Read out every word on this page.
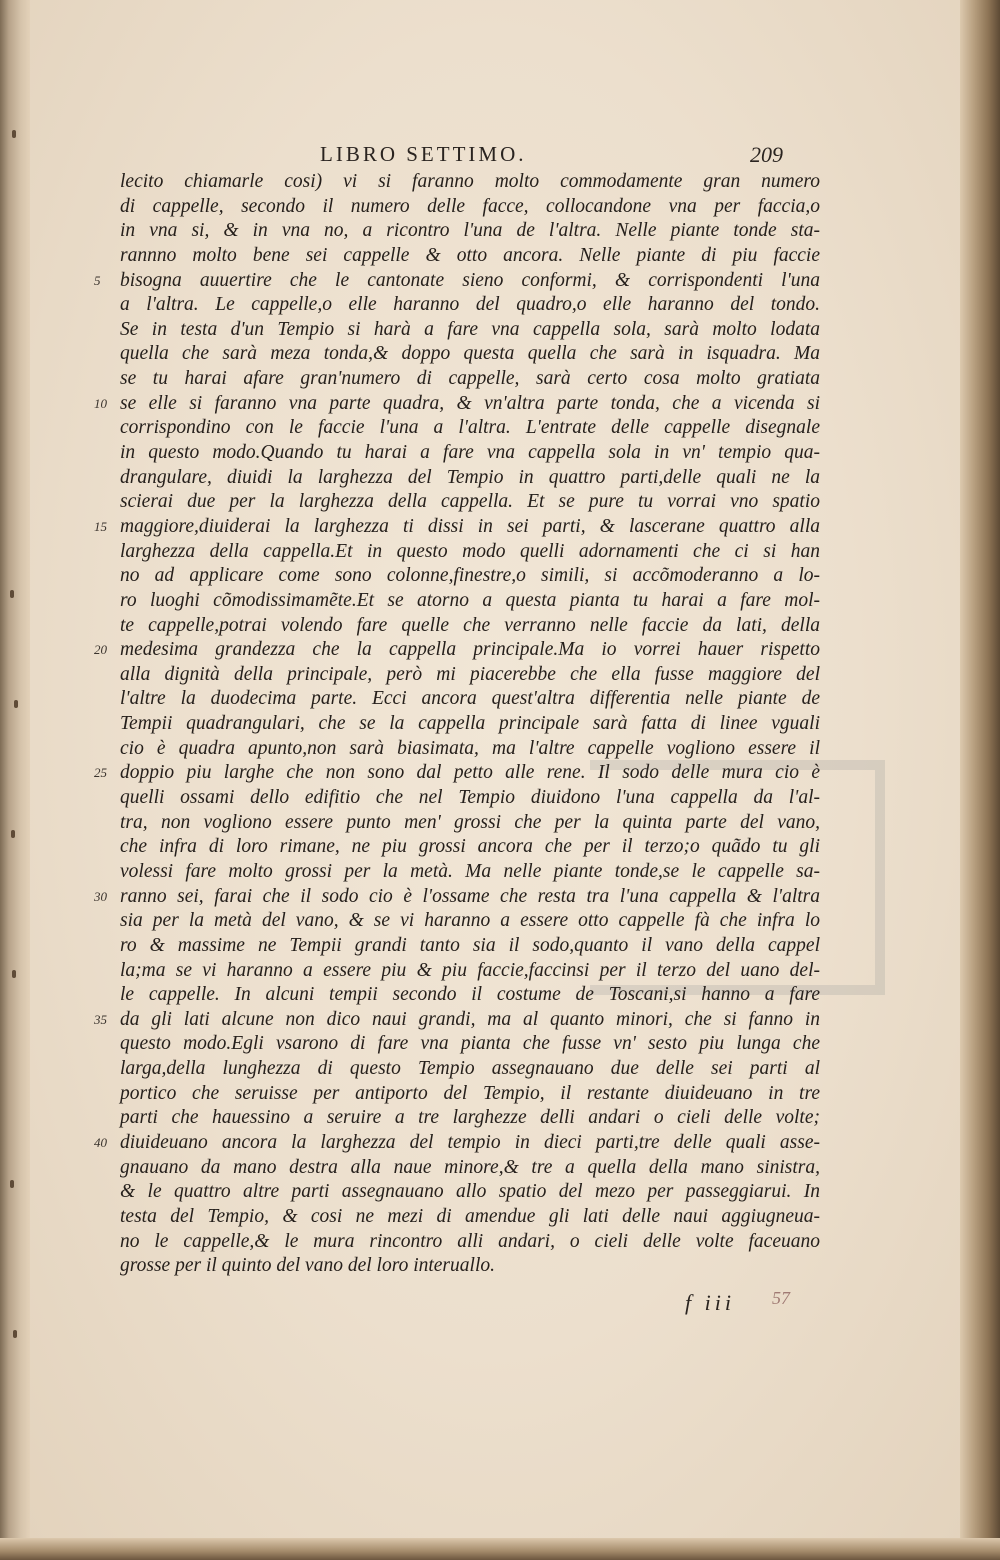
LIBRO SETTIMO.	209
lecito chiamarle cosi) vi si faranno molto commodamente gran numero
di cappelle, secondo il numero delle facce, collocandone vna per faccia,o
in vna si, & in vna no, a ricontro l'una de l'altra. Nelle piante tonde sta-
rannno molto bene sei cappelle & otto ancora. Nelle piante di piu faccie
5	bisogna auuertire che le cantonate sieno conformi, & corrispondenti l'una
a l'altra. Le cappelle,o elle haranno del quadro,o elle haranno del tondo.
Se in testa d'un Tempio si harà a fare vna cappella sola, sarà molto lodata
quella che sarà meza tonda,& doppo questa quella che sarà in isquadra. Ma
se tu harai afare gran'numero di cappelle, sarà certo cosa molto gratiata
10 se elle si faranno vna parte quadra, & vn'altra parte tonda, che a vicenda si
corrispondino con le faccie l'una a l'altra. L'entrate delle cappelle disegnale
in questo modo.Quando tu harai a fare vna cappella sola in vn' tempio qua-
drangulare, diuidi la larghezza del Tempio in quattro parti,delle quali ne la
scierai due per la larghezza della cappella. Et se pure tu vorrai vno spatio
15 maggiore,diuiderai la larghezza ti dissi in sei parti, & lascerane quattro alla
larghezza della cappella.Et in questo modo quelli adornamenti che ci si han
no ad applicare come sono colonne,finestre,o simili, si accõmoderanno a lo-
ro luoghi cõmodissimamẽte.Et se atorno a questa pianta tu harai a fare mol-
te cappelle,potrai volendo fare quelle che verranno nelle faccie da lati, della
20 medesima grandezza che la cappella principale.Ma io vorrei hauer rispetto
alla dignità della principale, però mi piacerebbe che ella fusse maggiore del
l'altre la duodecima parte. Ecci ancora quest'altra differentia nelle piante de
Tempii quadrangulari, che se la cappella principale sarà fatta di linee vguali
cio è quadra apunto,non sarà biasimata, ma l'altre cappelle vogliono essere il
25 doppio piu larghe che non sono dal petto alle rene. Il sodo delle mura cio è
quelli ossami dello edifitio che nel Tempio diuidono l'una cappella da l'al-
tra, non vogliono essere punto men' grossi che per la quinta parte del vano,
che infra di loro rimane, ne piu grossi ancora che per il terzo;o quãdo tu gli
volessi fare molto grossi per la metà. Ma nelle piante tonde,se le cappelle sa-
30 ranno sei, farai che il sodo cio è l'ossame che resta tra l'una cappella & l'altra
sia per la metà del vano, & se vi haranno a essere otto cappelle fà che infra lo
ro & massime ne Tempii grandi tanto sia il sodo,quanto il vano della cappel
la;ma se vi haranno a essere piu & piu faccie,faccinsi per il terzo del uano del-
le cappelle. In alcuni tempii secondo il costume de Toscani,si hanno a fare
35 da gli lati alcune non dico naui grandi, ma al quanto minori, che si fanno in
questo modo.Egli vsarono di fare vna pianta che fusse vn' sesto piu lunga che
larga,della lunghezza di questo Tempio assegnauano due delle sei parti al
portico che seruisse per antiporto del Tempio, il restante diuideuano in tre
parti che hauessino a seruire a tre larghezze delli andari o cieli delle volte;
40 diuideuano ancora la larghezza del tempio in dieci parti,tre delle quali asse-
gnauano da mano destra alla naue minore,& tre a quella della mano sinistra,
& le quattro altre parti assegnauano allo spatio del mezo per passeggiarui. In
testa del Tempio, & cosi ne mezi di amendue gli lati delle naui aggiugneua-
no le cappelle,& le mura rincontro alli andari, o cieli delle volte faceuano
grosse per il quinto del vano del loro interuallo.
f iii 57
